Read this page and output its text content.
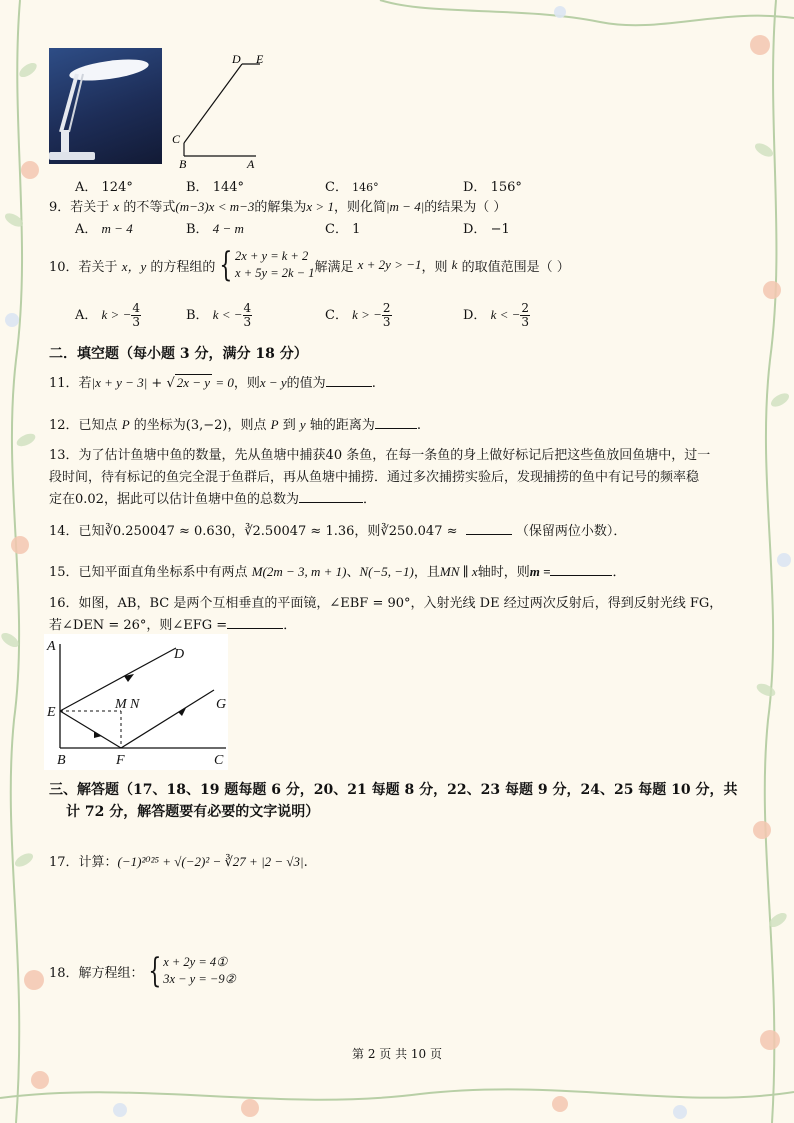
D E
C
B	A
A． 124°	B． 144°	C． 146°	D． 156°
9．若关于 x 的不等式(m−3)x < m−3的解集为x > 1，则化简|m − 4|的结果为（ ）
A． m − 4	B． 4 − m	C． 1	D． −1
10．若关于
x，y
的方程组的 { 2x + y = k + 2
x + 5y = 2k − 1 解满足
x + 2y > −1 ，则
k
的取值范围是（ ）
A． k > − $\frac{4}{3}$	B． k < − $\frac{4}{3}$	C． k > − $\frac{2}{3}$	D． k < − $\frac{2}{3}$
二．填空题（每小题 3 分，满分 18 分）
11．若|x + y − 3| + √ 2x − y = 0，则x − y的值为	.
12．已知点 P 的坐标为(3,−2)，则点 P 到 y 轴的距离为	.
13．为了估计鱼塘中鱼的数量，先从鱼塘中捕获40 条鱼，在每一条鱼的身上做好标记后把这些鱼放回鱼塘中，过一
段时间，待有标记的鱼完全混于鱼群后，再从鱼塘中捕捞．通过多次捕捞实验后，发现捕捞的鱼中有记号的频率稳
定在0.02，据此可以估计鱼塘中鱼的总数为	．
14．已知∛0.250047 ≈ 0.630，∛2.50047 ≈ 1.36，则∛250.047 ≈	（保留两位小数）．
15．已知平面直角坐标系中有两点 M(2m − 3, m + 1)、N(−5, −1)，且MN ∥ x轴时，则m =	．
16．如图，AB，BC 是两个互相垂直的平面镜，∠EBF = 90°，入射光线 DE 经过两次反射后，得到反射光线 FG，
若∠DEN = 26°，则∠EFG =	．
A
D
M N	G
E
B	F	C
三、解答题（17、18、19 题每题 6 分，20、21 每题 8 分，22、23 每题 9 分，24、25 每题 10 分，共
计 72 分，解答题要有必要的文字说明）
17．计算：(−1)²⁰²⁵ + √(−2)² − ∛27 + |2 − √3|.
18．解方程组： { x + 2y = 4①
3x − y = −9②
第 2 页 共 10 页
